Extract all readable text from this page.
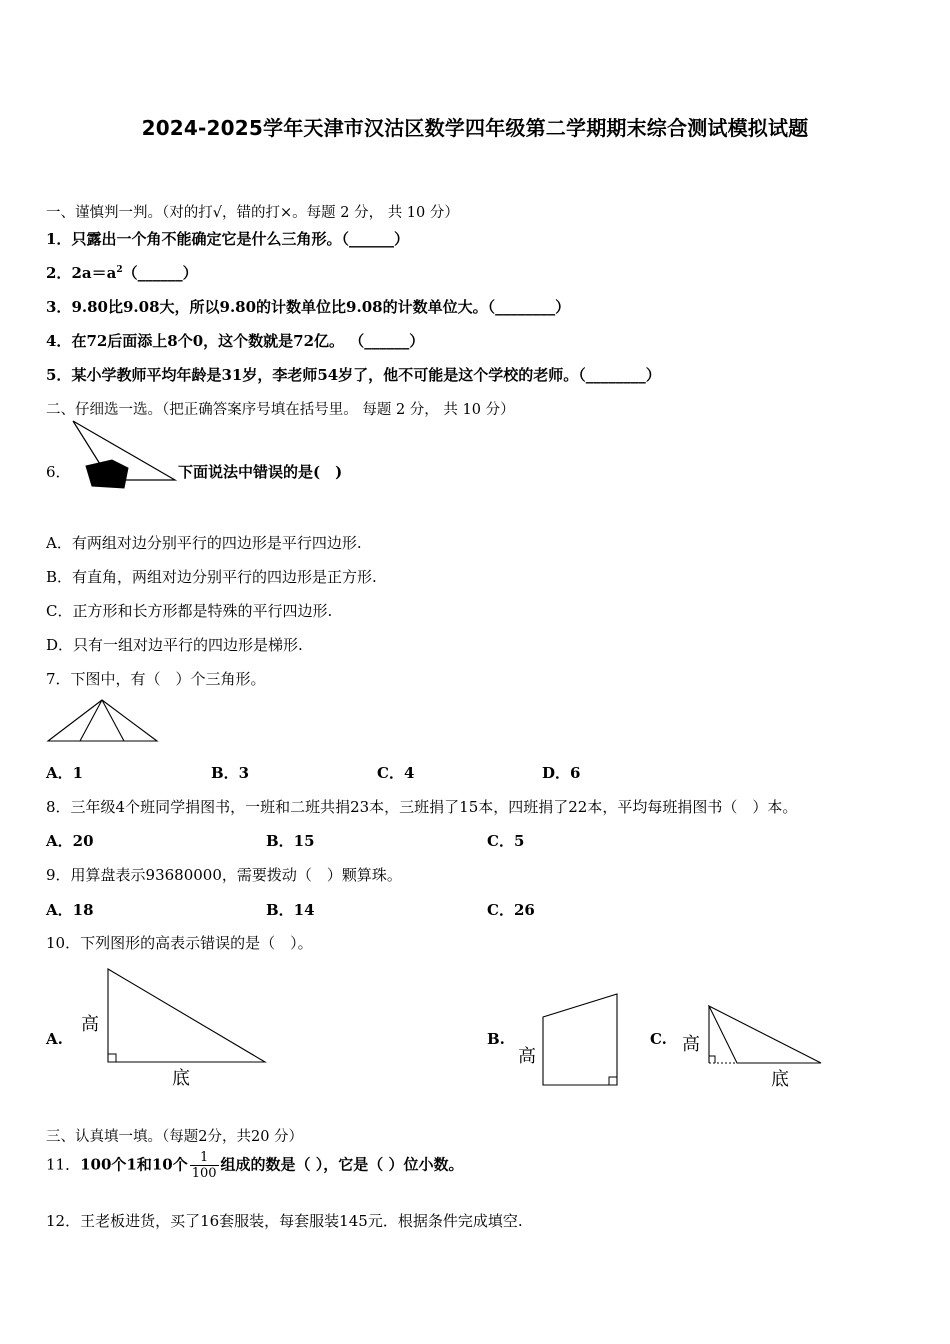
2024-2025学年天津市汉沽区数学四年级第二学期期末综合测试模拟试题
一、谨慎判一判。（对的打√，错的打×。每题 2 分， 共 10 分）
1．只露出一个角不能确定它是什么三角形。（______）
2．$2a=a^2(\_\_\_\_\_\_)$
3．9.80比9.08大，所以9.80的计数单位比9.08的计数单位大。（________）
4．在72后面添上8个0，这个数就是72亿。 （______）
5．某小学教师平均年龄是31岁，李老师54岁了，他不可能是这个学校的老师。（________）
二、仔细选一选。（把正确答案序号填在括号里。 每题 2 分， 共 10 分）
6．	下面说法中错误的是(　)
A．有两组对边分别平行的四边形是平行四边形.
B．有直角，两组对边分别平行的四边形是正方形.
C．正方形和长方形都是特殊的平行四边形.
D．只有一组对边平行的四边形是梯形.
7．下图中，有（　）个三角形。
A．1	B．3	C．4	D．6
8．三年级4个班同学捐图书，一班和二班共捐23本，三班捐了15本，四班捐了22本，平均每班捐图书（　）本。
A．20	B．15	C．5
9．用算盘表示93680000，需要拨动（　）颗算珠。
A．18	B．14	C．26
10．下列图形的高表示错误的是（　）。
A.
高
底
B.
高
C. 高
底
三、认真填一填。（每题2分，共20 分）
11．100个1和10个 $\frac{1}{100}$ 组成的数是（ ），它是（ ）位小数。
12．王老板进货，买了16套服装，每套服装145元．根据条件完成填空.
